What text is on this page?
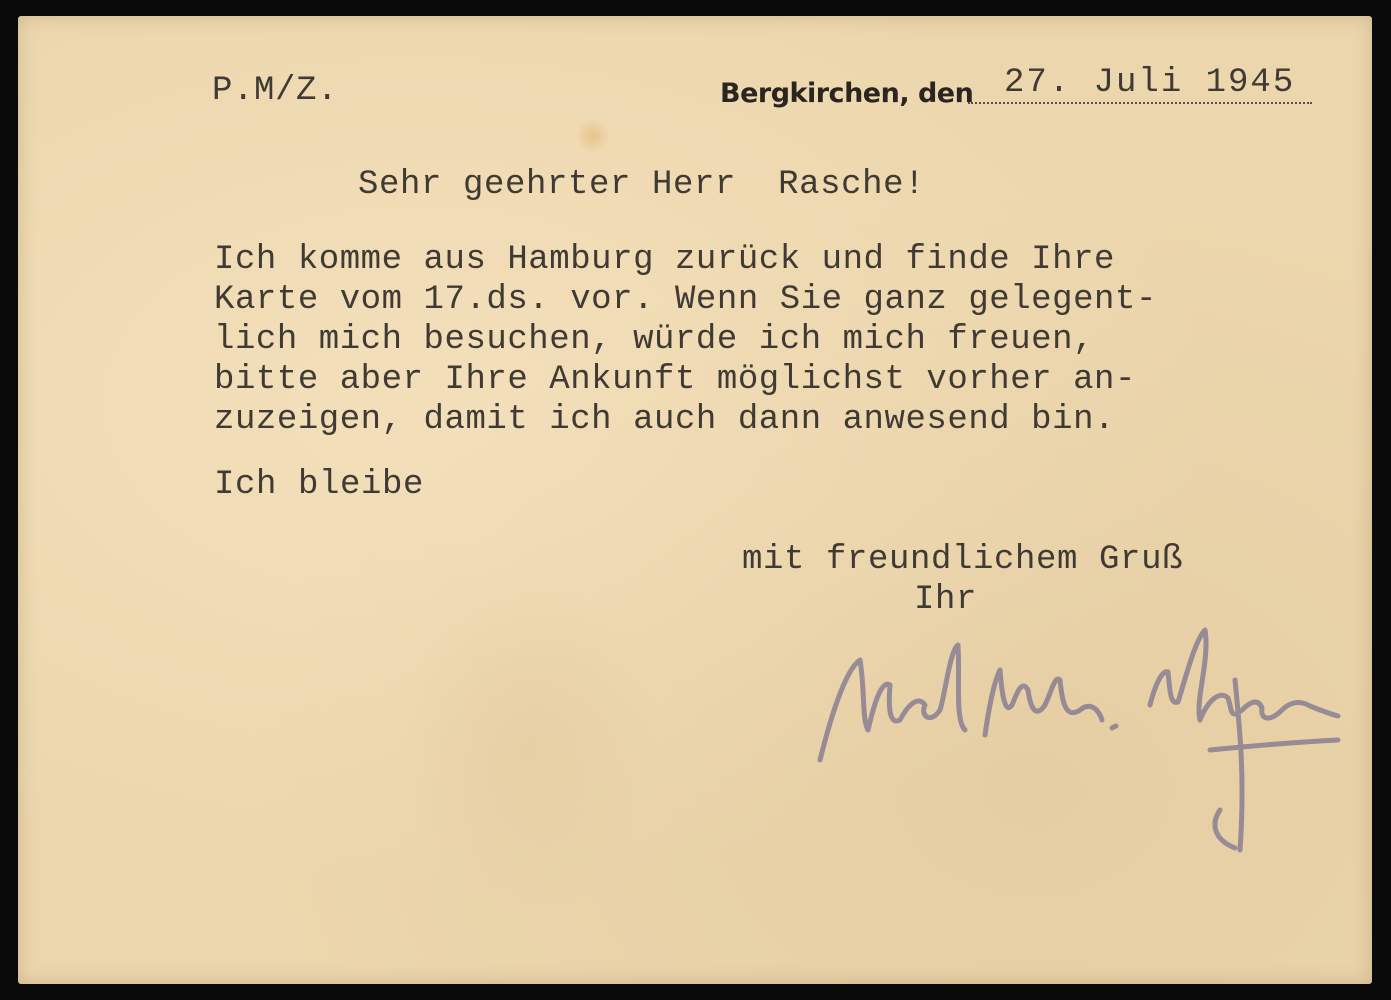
P.M/Z.	Bergkirchen, den 27. Juli 1945
Sehr geehrter Herr  Rasche!
Ich komme aus Hamburg zurück und finde Ihre
Karte vom 17.ds. vor. Wenn Sie ganz gelegent-
lich mich besuchen, würde ich mich freuen,
bitte aber Ihre Ankunft möglichst vorher an-
zuzeigen, damit ich auch dann anwesend bin.
Ich bleibe
mit freundlichem Gruß
Ihr
